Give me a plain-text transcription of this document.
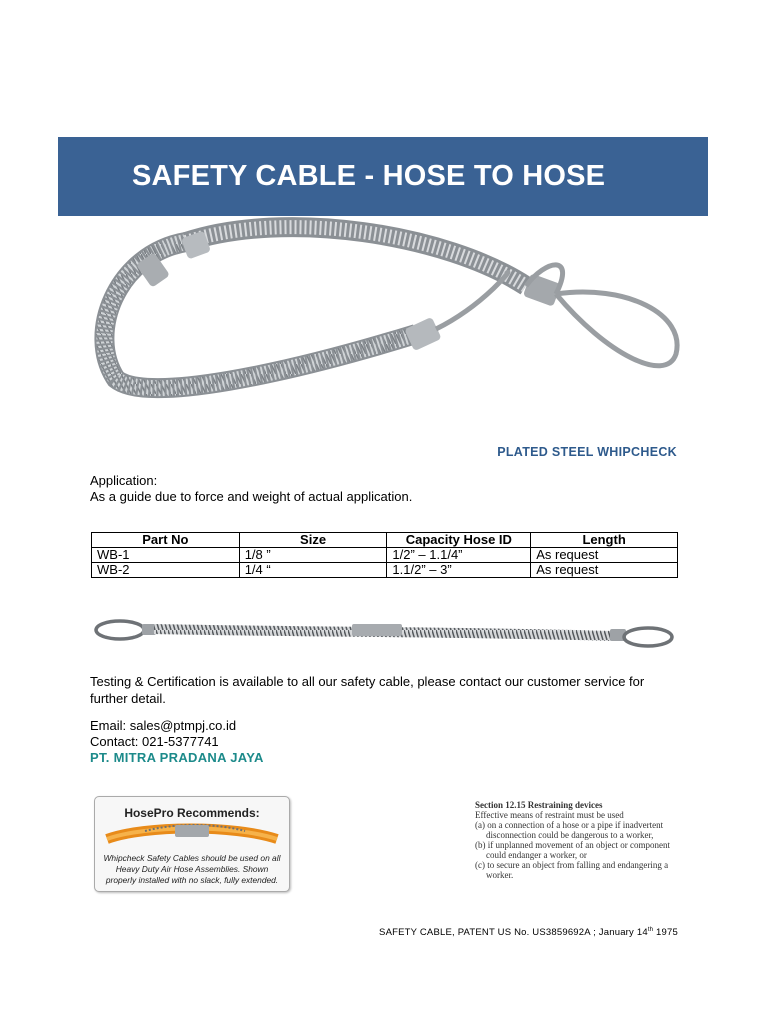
SAFETY CABLE - HOSE TO HOSE
PLATED STEEL WHIPCHECK
Application:
As a guide due to force and weight of actual application.
Part No	Size	Capacity Hose ID	Length
WB-1	1/8 ”	1/2” – 1.1/4”	As request
WB-2	1/4 “	1.1/2” – 3”	As request
Testing & Certification is available to all our safety cable, please contact our customer service for further detail.
Email: sales@ptmpj.co.id
Contact: 021-5377741
PT. MITRA PRADANA JAYA
HosePro Recommends:
Whipcheck Safety Cables should be used on all Heavy Duty Air Hose Assemblies. Shown properly installed with no slack, fully extended.
Section 12.15 Restraining devices
Effective means of restraint must be used
(a) on a connection of a hose or a pipe if inadvertent disconnection could be dangerous to a worker,
(b) if unplanned movement of an object or component could endanger a worker, or
(c) to secure an object from falling and endangering a worker.
SAFETY CABLE, PATENT US No. US3859692A ; January 14th 1975
